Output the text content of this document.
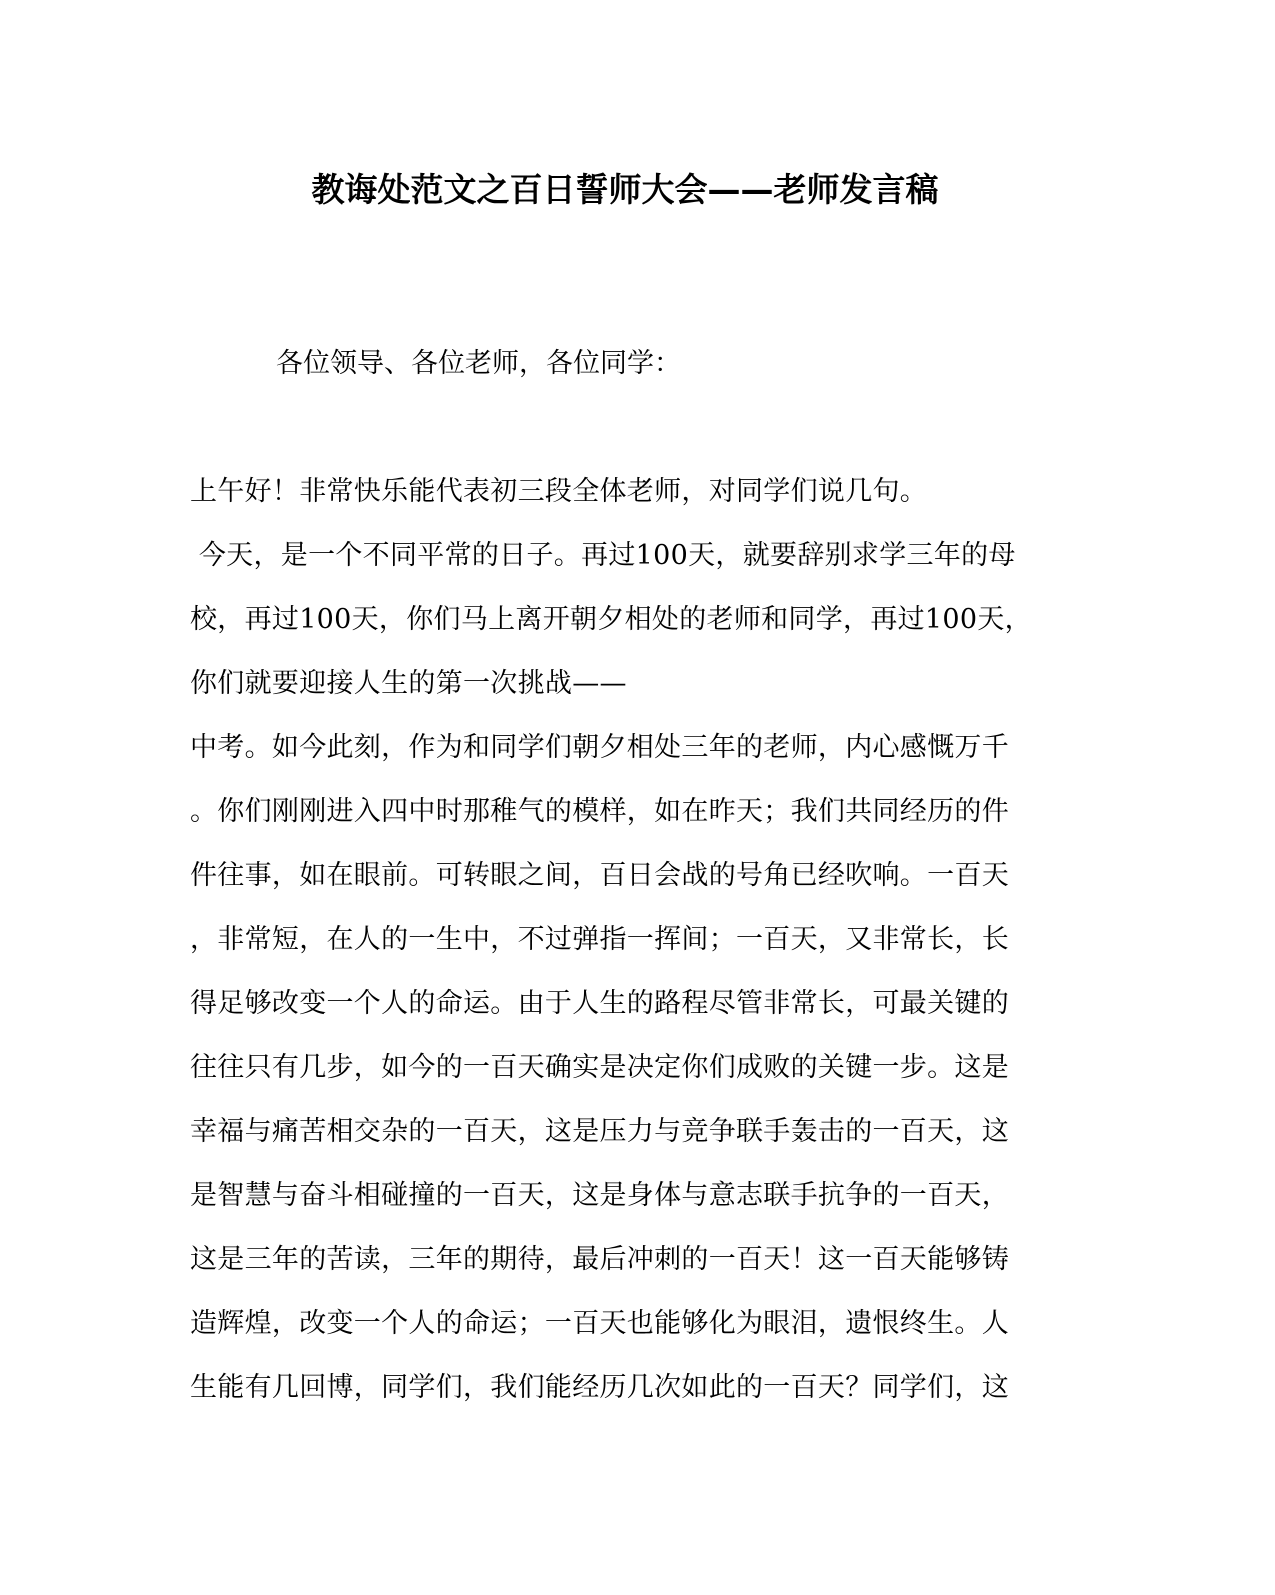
教诲处范文之百日誓师大会——老师发言稿
各位领导、各位老师，各位同学：
上午好！非常快乐能代表初三段全体老师，对同学们说几句。
今天，是一个不同平常的日子。再过100天，就要辞别求学三年的母
校，再过100天，你们马上离开朝夕相处的老师和同学，再过100天，
你们就要迎接人生的第一次挑战——
中考。如今此刻，作为和同学们朝夕相处三年的老师，内心感慨万千
。你们刚刚进入四中时那稚气的模样，如在昨天；我们共同经历的件
件往事，如在眼前。可转眼之间，百日会战的号角已经吹响。一百天
，非常短，在人的一生中，不过弹指一挥间；一百天，又非常长，长
得足够改变一个人的命运。由于人生的路程尽管非常长，可最关键的
往往只有几步，如今的一百天确实是决定你们成败的关键一步。这是
幸福与痛苦相交杂的一百天，这是压力与竞争联手轰击的一百天，这
是智慧与奋斗相碰撞的一百天，这是身体与意志联手抗争的一百天，
这是三年的苦读，三年的期待，最后冲刺的一百天！这一百天能够铸
造辉煌，改变一个人的命运；一百天也能够化为眼泪，遗恨终生。人
生能有几回博，同学们，我们能经历几次如此的一百天？同学们，这
